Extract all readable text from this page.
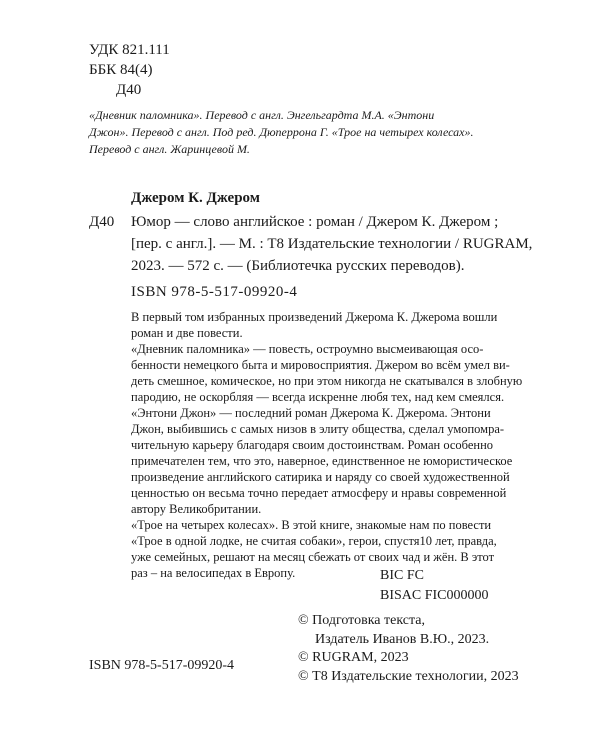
УДК 821.111
ББК 84(4)
Д40
«Дневник паломника». Перевод с англ. Энгельгардта М.А. «Энтони
Джон». Перевод с англ. Под ред. Дюперрона Г. «Трое на четырех колесах».
Перевод с англ. Жаринцевой М.
Джером К. Джером
Д40 Юмор — слово английское : роман / Джером К. Джером ;
[пер. с англ.]. — М. : Т8 Издательские технологии / RUGRAM,
2023. — 572 с. — (Библиотечка русских переводов).
ISBN 978-5-517-09920-4
В первый том избранных произведений Джерома К. Джерома вошли
роман и две повести.
«Дневник паломника» — повесть, остроумно высмеивающая осо-
бенности немецкого быта и мировосприятия. Джером во всём умел ви-
деть смешное, комическое, но при этом никогда не скатывался в злобную
пародию, не оскорбляя — всегда искренне любя тех, над кем смеялся.
«Энтони Джон» — последний роман Джерома К. Джерома. Энтони
Джон, выбившись с самых низов в элиту общества, сделал умопомра-
чительную карьеру благодаря своим достоинствам. Роман особенно
примечателен тем, что это, наверное, единственное не юмористическое
произведение английского сатирика и наряду со своей художественной
ценностью он весьма точно передает атмосферу и нравы современной
автору Великобритании.
«Трое на четырех колесах». В этой книге, знакомые нам по повести
«Трое в одной лодке, не считая собаки», герои, спустя10 лет, правда,
уже семейных, решают на месяц сбежать от своих чад и жён. В этот
раз – на велосипедах в Европу.	BIC FC
BISAC FIC000000
© Подготовка текста,
Издатель Иванов В.Ю., 2023.
© RUGRAM, 2023
© Т8 Издательские технологии, 2023
ISBN 978-5-517-09920-4
